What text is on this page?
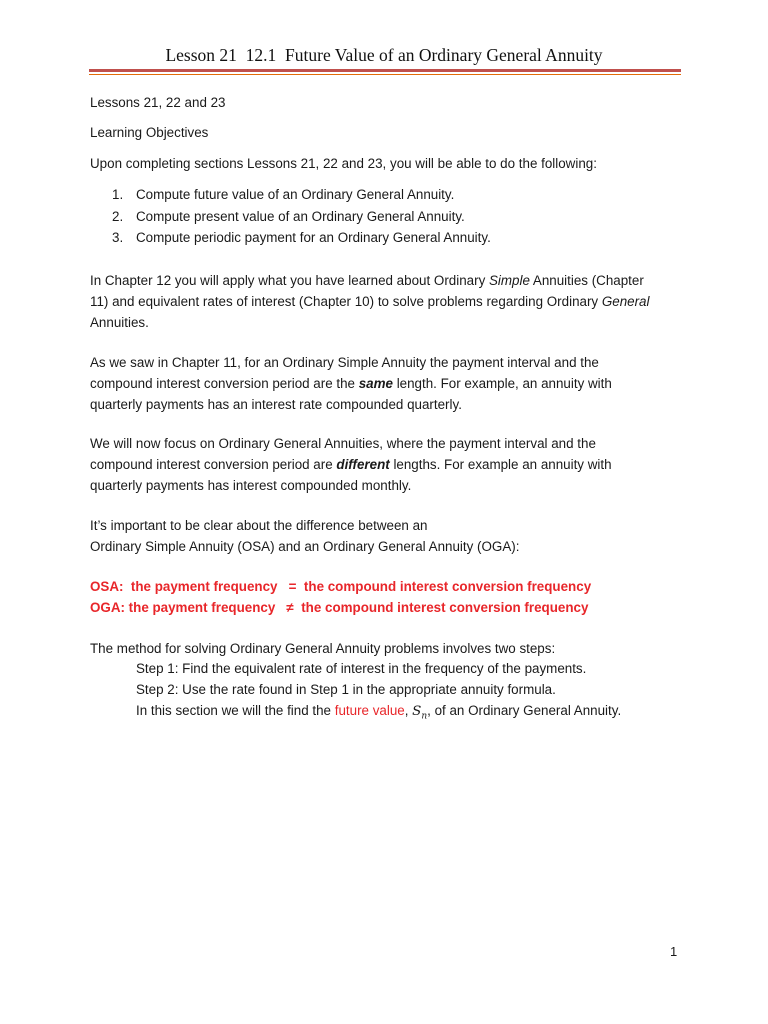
Lesson 21  12.1  Future Value of an Ordinary General Annuity
Lessons 21, 22 and 23
Learning Objectives
Upon completing sections Lessons 21, 22 and 23, you will be able to do the following:
1. Compute future value of an Ordinary General Annuity.
2. Compute present value of an Ordinary General Annuity.
3. Compute periodic payment for an Ordinary General Annuity.
In Chapter 12 you will apply what you have learned about Ordinary Simple Annuities (Chapter
11) and equivalent rates of interest (Chapter 10) to solve problems regarding Ordinary General
Annuities.
As we saw in Chapter 11, for an Ordinary Simple Annuity the payment interval and the
compound interest conversion period are the same length. For example, an annuity with
quarterly payments has an interest rate compounded quarterly.
We will now focus on Ordinary General Annuities, where the payment interval and the
compound interest conversion period are different lengths. For example an annuity with
quarterly payments has interest compounded monthly.
It’s important to be clear about the difference between an
Ordinary Simple Annuity (OSA) and an Ordinary General Annuity (OGA):
OSA:  the payment frequency   =  the compound interest conversion frequency
OGA: the payment frequency   ≠  the compound interest conversion frequency
The method for solving Ordinary General Annuity problems involves two steps:
Step 1: Find the equivalent rate of interest in the frequency of the payments.
Step 2: Use the rate found in Step 1 in the appropriate annuity formula.
In this section we will the find the future value, $S_n$, of an Ordinary General Annuity.
1
